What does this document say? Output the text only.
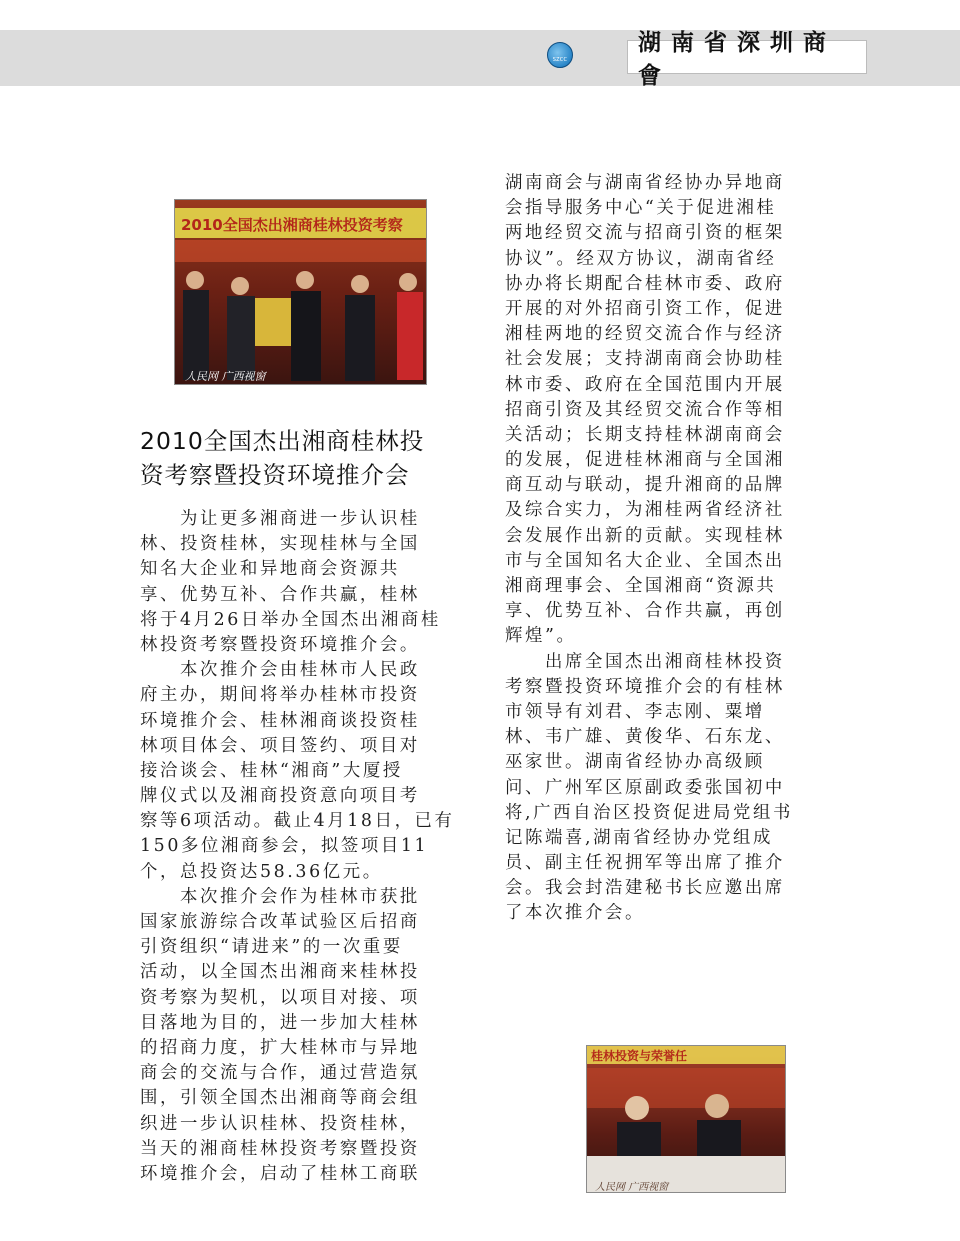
SZCC
湖南省深圳商會
2010全国杰出湘商桂林投资考察
人民网 广西视窗
桂林投资与荣誉任
人民网 广西视窗
2010全国杰出湘商桂林投
资考察暨投资环境推介会
　　为让更多湘商进一步认识桂
林、投资桂林，实现桂林与全国
知名大企业和异地商会资源共
享、优势互补、合作共赢，桂林
将于4月26日举办全国杰出湘商桂
林投资考察暨投资环境推介会。
　　本次推介会由桂林市人民政
府主办，期间将举办桂林市投资
环境推介会、桂林湘商谈投资桂
林项目体会、项目签约、项目对
接洽谈会、桂林“湘商”大厦授
牌仪式以及湘商投资意向项目考
察等6项活动。截止4月18日，已有
150多位湘商参会，拟签项目11
个，总投资达58.36亿元。
　　本次推介会作为桂林市获批
国家旅游综合改革试验区后招商
引资组织“请进来”的一次重要
活动，以全国杰出湘商来桂林投
资考察为契机，以项目对接、项
目落地为目的，进一步加大桂林
的招商力度，扩大桂林市与异地
商会的交流与合作，通过营造氛
围，引领全国杰出湘商等商会组
织进一步认识桂林、投资桂林，
当天的湘商桂林投资考察暨投资
环境推介会，启动了桂林工商联
湖南商会与湖南省经协办异地商
会指导服务中心“关于促进湘桂
两地经贸交流与招商引资的框架
协议”。经双方协议，湖南省经
协办将长期配合桂林市委、政府
开展的对外招商引资工作，促进
湘桂两地的经贸交流合作与经济
社会发展；支持湖南商会协助桂
林市委、政府在全国范围内开展
招商引资及其经贸交流合作等相
关活动；长期支持桂林湖南商会
的发展，促进桂林湘商与全国湘
商互动与联动，提升湘商的品牌
及综合实力，为湘桂两省经济社
会发展作出新的贡献。实现桂林
市与全国知名大企业、全国杰出
湘商理事会、全国湘商“资源共
享、优势互补、合作共赢，再创
辉煌”。
　　出席全国杰出湘商桂林投资
考察暨投资环境推介会的有桂林
市领导有刘君、李志刚、粟增
林、韦广雄、黄俊华、石东龙、
巫家世。湖南省经协办高级顾
问、广州军区原副政委张国初中
将,广西自治区投资促进局党组书
记陈端喜,湖南省经协办党组成
员、副主任祝拥军等出席了推介
会。我会封浩建秘书长应邀出席
了本次推介会。
